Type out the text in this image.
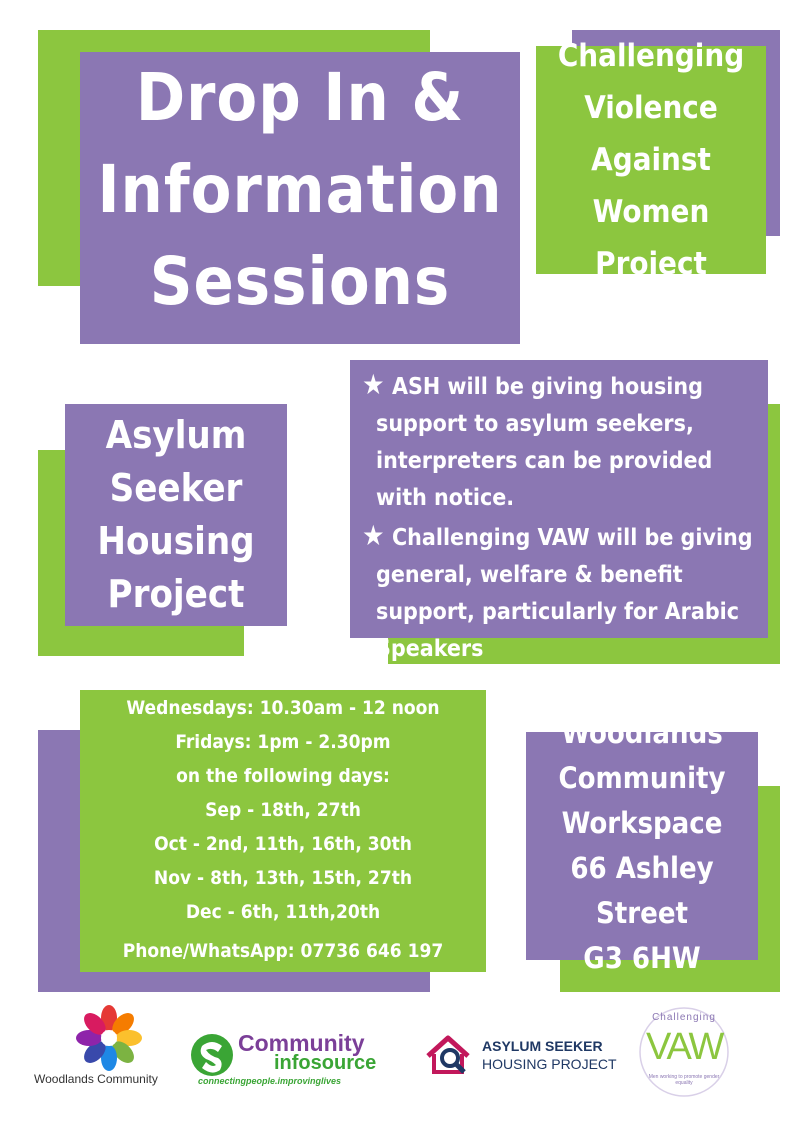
Drop In &
Information
Sessions
Challenging
Violence
Against
Women Project
Asylum
Seeker
Housing
Project
★ ASH will be giving housing support to asylum seekers, interpreters can be provided with notice.
★ Challenging VAW will be giving general, welfare & benefit support, particularly for Arabic Speakers
Wednesdays: 10.30am - 12 noon
Fridays: 1pm - 2.30pm
on the following days:
Sep - 18th, 27th
Oct - 2nd, 11th, 16th, 30th
Nov - 8th, 13th, 15th, 27th
Dec - 6th, 11th,20th
Phone/WhatsApp: 07736 646 197
Woodlands
Community
Workspace
66 Ashley Street
G3 6HW
Woodlands Community
Community
infosource
connectingpeople.improvinglives
ASYLUM SEEKER
HOUSING PROJECT
Challenging
VAW
Men working to promote gender equality
